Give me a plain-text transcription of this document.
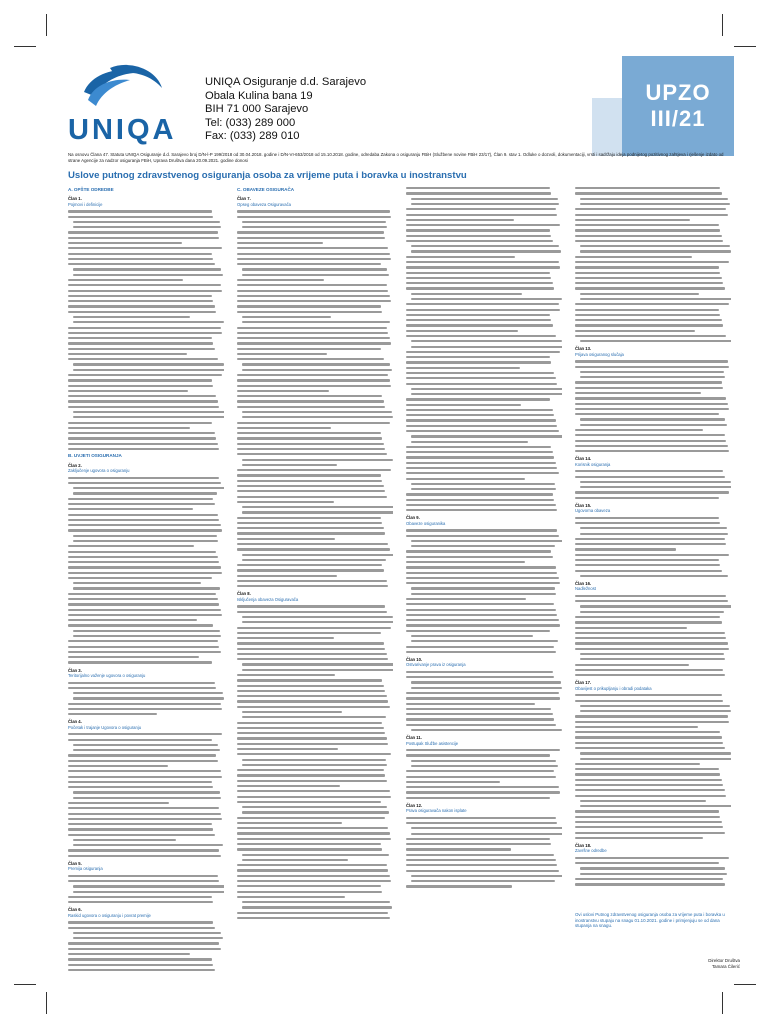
UNIQA
UNIQA Osiguranje d.d. Sarajevo
Obala Kulina bana 19
BIH 71 000 Sarajevo
Tel: (033) 289 000
Fax: (033) 289 010
UPZO
III/21
Na osnovu Člana 47. Statuta UNIQA Osiguranje d.d. Sarajevo broj D/N-l-P 199/2018 od 30.04.2018. godine i D/N-VI-653/2018 od 15.10.2018. godine, odredaba Zakona o osiguranju FBiH (Službene novine FBiH 23/17), Član 9. stav 1. Odluke o dozvoli, dokumentaciji, vrsti i sadržaju ideja podnijetog pozitivnog zahtjeva i rješenje izdato od strane Agencije za nadzor osiguranja FBiH, Uprava Društva dana 20.09.2021. godine donosi
Uslove putnog zdravstvenog osiguranja osoba za vrijeme puta i boravka u inostranstvu
A. OPŠTE ODREDBE
Član 1.
Pojmovi i definicije
B. UVJETI OSIGURANJA
Član 2.
Zaključenje ugovora o osiguranju
Član 3.
Teritorijalno važenje ugovora o osiguranju
Član 4.
Početak i trajanje Ugovora o osiguranju
Član 5.
Premija osiguranja
Član 6.
Raskid ugovora o osiguranju i povrat premije
C. OBAVEZE OSIGURAČA
Član 7.
Opseg obaveza Osiguravača
Član 8.
Isključenja obaveza Osiguravača
Član 9.
Obaveze osiguranika
Član 10.
Ostvarivanje prava iz osiguranja
Član 11.
Postupak Službe asistencije
Član 12.
Prava osiguravača nakon isplate
Član 13.
Prijava osiguranog slučaja
Član 14.
Korisnik osiguranja
Član 15.
Ugovorna obaveza
Član 16.
Nadležnost
Član 17.
Obavijest o prikupljanju i obradi podataka
Član 18.
Završne odredbe
Ovi uslovi Putnog zdravstvenog osiguranja osoba za vrijeme puta i boravka u inostranstvu stupaju na snagu 01.10.2021. godine i primjenjuju se od dana stupanja na snagu.
Direktor Društva
Tamara Ćilerić
